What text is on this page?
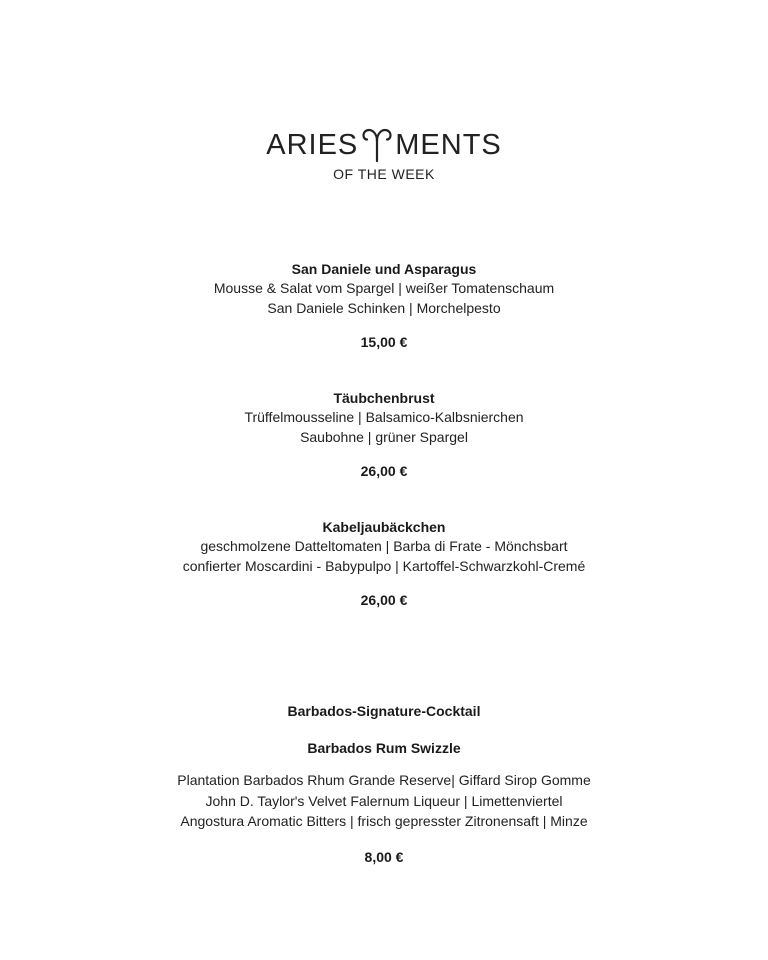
ARIES MENTS
OF THE WEEK
San Daniele und Asparagus
Mousse & Salat vom Spargel | weißer Tomatenschaum
San Daniele Schinken | Morchelpesto
15,00 €
Täubchenbrust
Trüffelmousseline | Balsamico-Kalbsnierchen
Saubohne | grüner Spargel
26,00 €
Kabeljaubäckchen
geschmolzene Datteltomaten | Barba di Frate - Mönchsbart
confierter Moscardini - Babypulpo | Kartoffel-Schwarzkohl-Cremé
26,00 €
Barbados-Signature-Cocktail
Barbados Rum Swizzle
Plantation Barbados Rhum Grande Reserve| Giffard Sirop Gomme
John D. Taylor's Velvet Falernum Liqueur | Limettenviertel
Angostura Aromatic Bitters | frisch gepresster Zitronensaft | Minze
8,00 €
